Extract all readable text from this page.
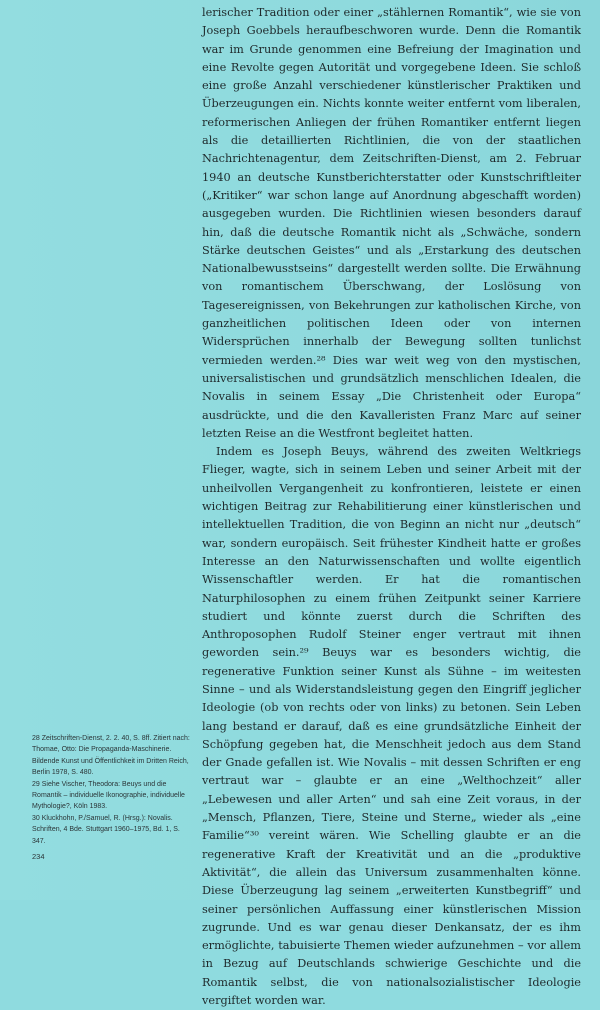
lerischer Tradition oder einer „stählernen Romantik“, wie sie von Joseph Goebbels heraufbeschworen wurde. Denn die Romantik war im Grunde genommen eine Befreiung der Imagination und eine Revolte gegen Autorität und vorgegebene Ideen. Sie schloß eine große Anzahl verschiedener künstlerischer Praktiken und Überzeugungen ein. Nichts konnte weiter entfernt vom liberalen, reformerischen Anliegen der frühen Romantiker entfernt liegen als die detaillierten Richtlinien, die von der staatlichen Nachrichtenagentur, dem Zeitschriften-Dienst, am 2. Februar 1940 an deutsche Kunstberichterstatter oder Kunstschriftleiter („Kritiker“ war schon lange auf Anordnung abgeschafft worden) ausgegeben wurden. Die Richtlinien wiesen besonders darauf hin, daß die deutsche Romantik nicht als „Schwäche, sondern Stärke deutschen Geistes“ und als „Erstarkung des deutschen Nationalbewusstseins“ dargestellt werden sollte. Die Erwähnung von romantischem Überschwang, der Loslösung von Tagesereignissen, von Bekehrungen zur katholischen Kirche, von ganzheitlichen politischen Ideen oder von internen Widersprüchen innerhalb der Bewegung sollten tunlichst vermieden werden.²⁸ Dies war weit weg von den mystischen, universalistischen und grundsätzlich menschlichen Idealen, die Novalis in seinem Essay „Die Christenheit oder Europa“ ausdrückte, und die den Kavalleristen Franz Marc auf seiner letzten Reise an die Westfront begleitet hatten.

Indem es Joseph Beuys, während des zweiten Weltkriegs Flieger, wagte, sich in seinem Leben und seiner Arbeit mit der unheilvollen Vergangenheit zu konfrontieren, leistete er einen wichtigen Beitrag zur Rehabilitierung einer künstlerischen und intellektuellen Tradition, die von Beginn an nicht nur „deutsch“ war, sondern europäisch. Seit frühester Kindheit hatte er großes Interesse an den Naturwissenschaften und wollte eigentlich Wissenschaftler werden. Er hat die romantischen Naturphilosophen zu einem frühen Zeitpunkt seiner Karriere studiert und könnte zuerst durch die Schriften des Anthroposophen Rudolf Steiner enger vertraut mit ihnen geworden sein.²⁹ Beuys war es besonders wichtig, die regenerative Funktion seiner Kunst als Sühne – im weitesten Sinne – und als Widerstandsleistung gegen den Eingriff jeglicher Ideologie (ob von rechts oder von links) zu betonen. Sein Leben lang bestand er darauf, daß es eine grundsätzliche Einheit der Schöpfung gegeben hat, die Menschheit jedoch aus dem Stand der Gnade gefallen ist. Wie Novalis – mit dessen Schriften er eng vertraut war – glaubte er an eine „Welthochzeit“ aller „Lebewesen und aller Arten“ und sah eine Zeit voraus, in der „Mensch, Pflanzen, Tiere, Steine und Sterne„ wieder als „eine Familie“³⁰ vereint wären. Wie Schelling glaubte er an die regenerative Kraft der Kreativität und an die „produktive Aktivität“, die allein das Universum zusammenhalten könne. Diese Überzeugung lag seinem „erweiterten Kunstbegriff“ und seiner persönlichen Auffassung einer künstlerischen Mission zugrunde. Und es war genau dieser Denkansatz, der es ihm ermöglichte, tabuisierte Themen wieder aufzunehmen – vor allem in Bezug auf Deutschlands schwierige Geschichte und die Romantik selbst, die von nationalsozialistischer Ideologie vergiftet worden war.

28 Zeitschriften-Dienst, 2. 2. 40, S. 8ff. Zitiert nach: Thomae, Otto: Die Propaganda-Maschinerie. Bildende Kunst und Öffentlichkeit im Dritten Reich, Berlin 1978, S. 480.

29 Siehe Vischer, Theodora: Beuys und die Romantik – individuelle Ikonographie, individuelle Mythologie?, Köln 1983.

30 Kluckhohn, P./Samuel, R. (Hrsg.): Novalis. Schriften, 4 Bde. Stuttgart 1960–1975, Bd. 1, S. 347.

234
